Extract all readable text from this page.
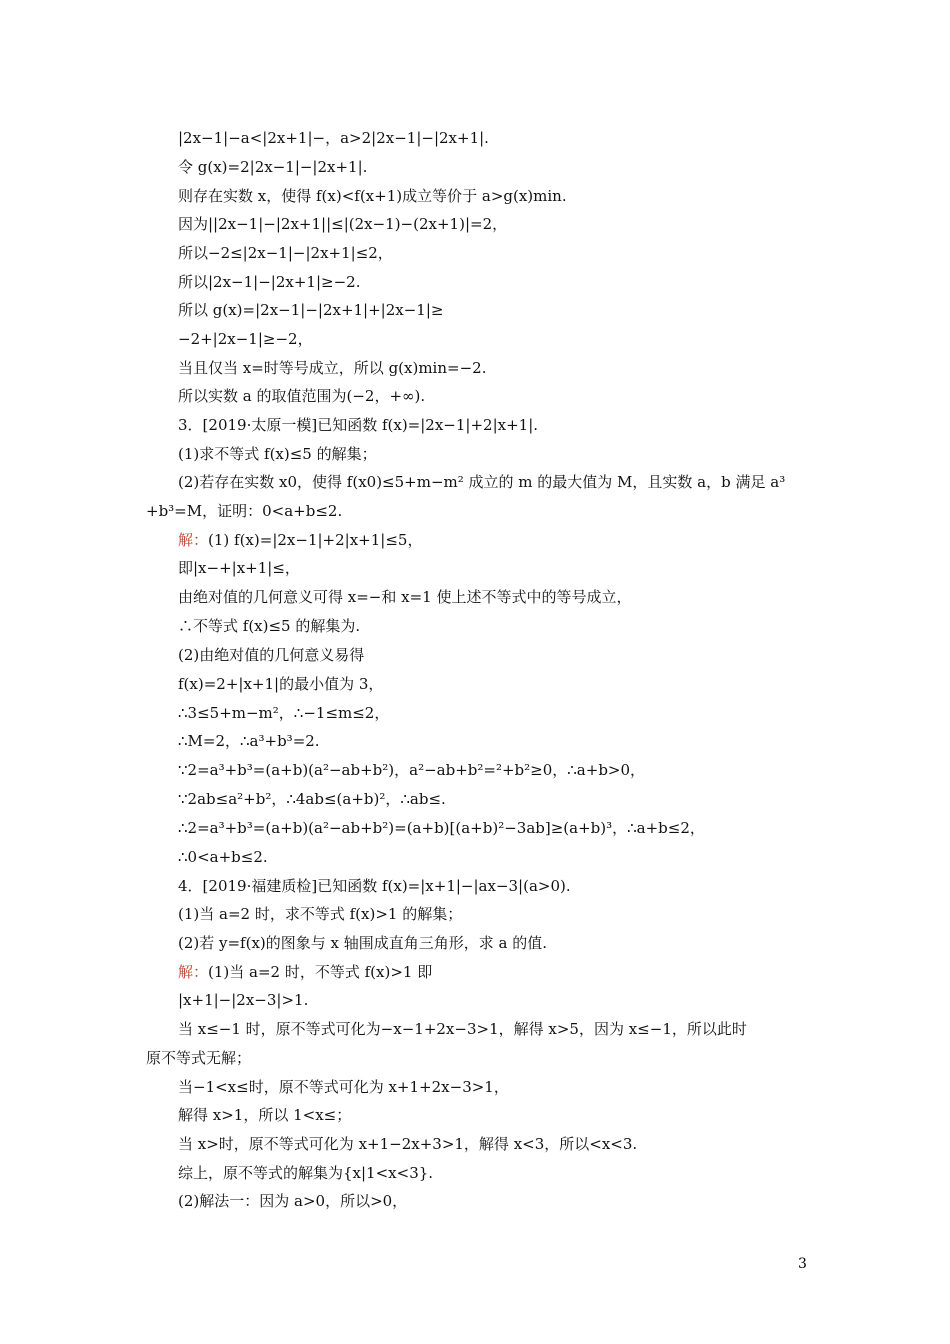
|2x−1|−a<|2x+1|−，a>2|2x−1|−|2x+1|.
令 g(x)=2|2x−1|−|2x+1|.
则存在实数 x，使得 f(x)<f(x+1)成立等价于 a>g(x)min.
因为||2x−1|−|2x+1||≤|(2x−1)−(2x+1)|=2，
所以−2≤|2x−1|−|2x+1|≤2，
所以|2x−1|−|2x+1|≥−2.
所以 g(x)=|2x−1|−|2x+1|+|2x−1|≥
−2+|2x−1|≥−2，
当且仅当 x=时等号成立，所以 g(x)min=−2.
所以实数 a 的取值范围为(−2，+∞).
3．[2019·太原一模]已知函数 f(x)=|2x−1|+2|x+1|.
(1)求不等式 f(x)≤5 的解集；
(2)若存在实数 x0，使得 f(x0)≤5+m−m² 成立的 m 的最大值为 M，且实数 a，b 满足 a³
+b³=M，证明：0<a+b≤2.
解：(1) f(x)=|2x−1|+2|x+1|≤5，
即|x−+|x+1|≤，
由绝对值的几何意义可得 x=−和 x=1 使上述不等式中的等号成立，
∴不等式 f(x)≤5 的解集为.
(2)由绝对值的几何意义易得
f(x)=2+|x+1|的最小值为 3，
∴3≤5+m−m²，∴−1≤m≤2，
∴M=2，∴a³+b³=2.
∵2=a³+b³=(a+b)(a²−ab+b²)，a²−ab+b²=²+b²≥0，∴a+b>0，
∵2ab≤a²+b²，∴4ab≤(a+b)²，∴ab≤.
∴2=a³+b³=(a+b)(a²−ab+b²)=(a+b)[(a+b)²−3ab]≥(a+b)³，∴a+b≤2，
∴0<a+b≤2.
4．[2019·福建质检]已知函数 f(x)=|x+1|−|ax−3|(a>0).
(1)当 a=2 时，求不等式 f(x)>1 的解集；
(2)若 y=f(x)的图象与 x 轴围成直角三角形，求 a 的值.
解：(1)当 a=2 时，不等式 f(x)>1 即
|x+1|−|2x−3|>1.
当 x≤−1 时，原不等式可化为−x−1+2x−3>1，解得 x>5，因为 x≤−1，所以此时
原不等式无解；
当−1<x≤时，原不等式可化为 x+1+2x−3>1，
解得 x>1，所以 1<x≤；
当 x>时，原不等式可化为 x+1−2x+3>1，解得 x<3，所以<x<3.
综上，原不等式的解集为{x|1<x<3}.
(2)解法一：因为 a>0，所以>0，
3
